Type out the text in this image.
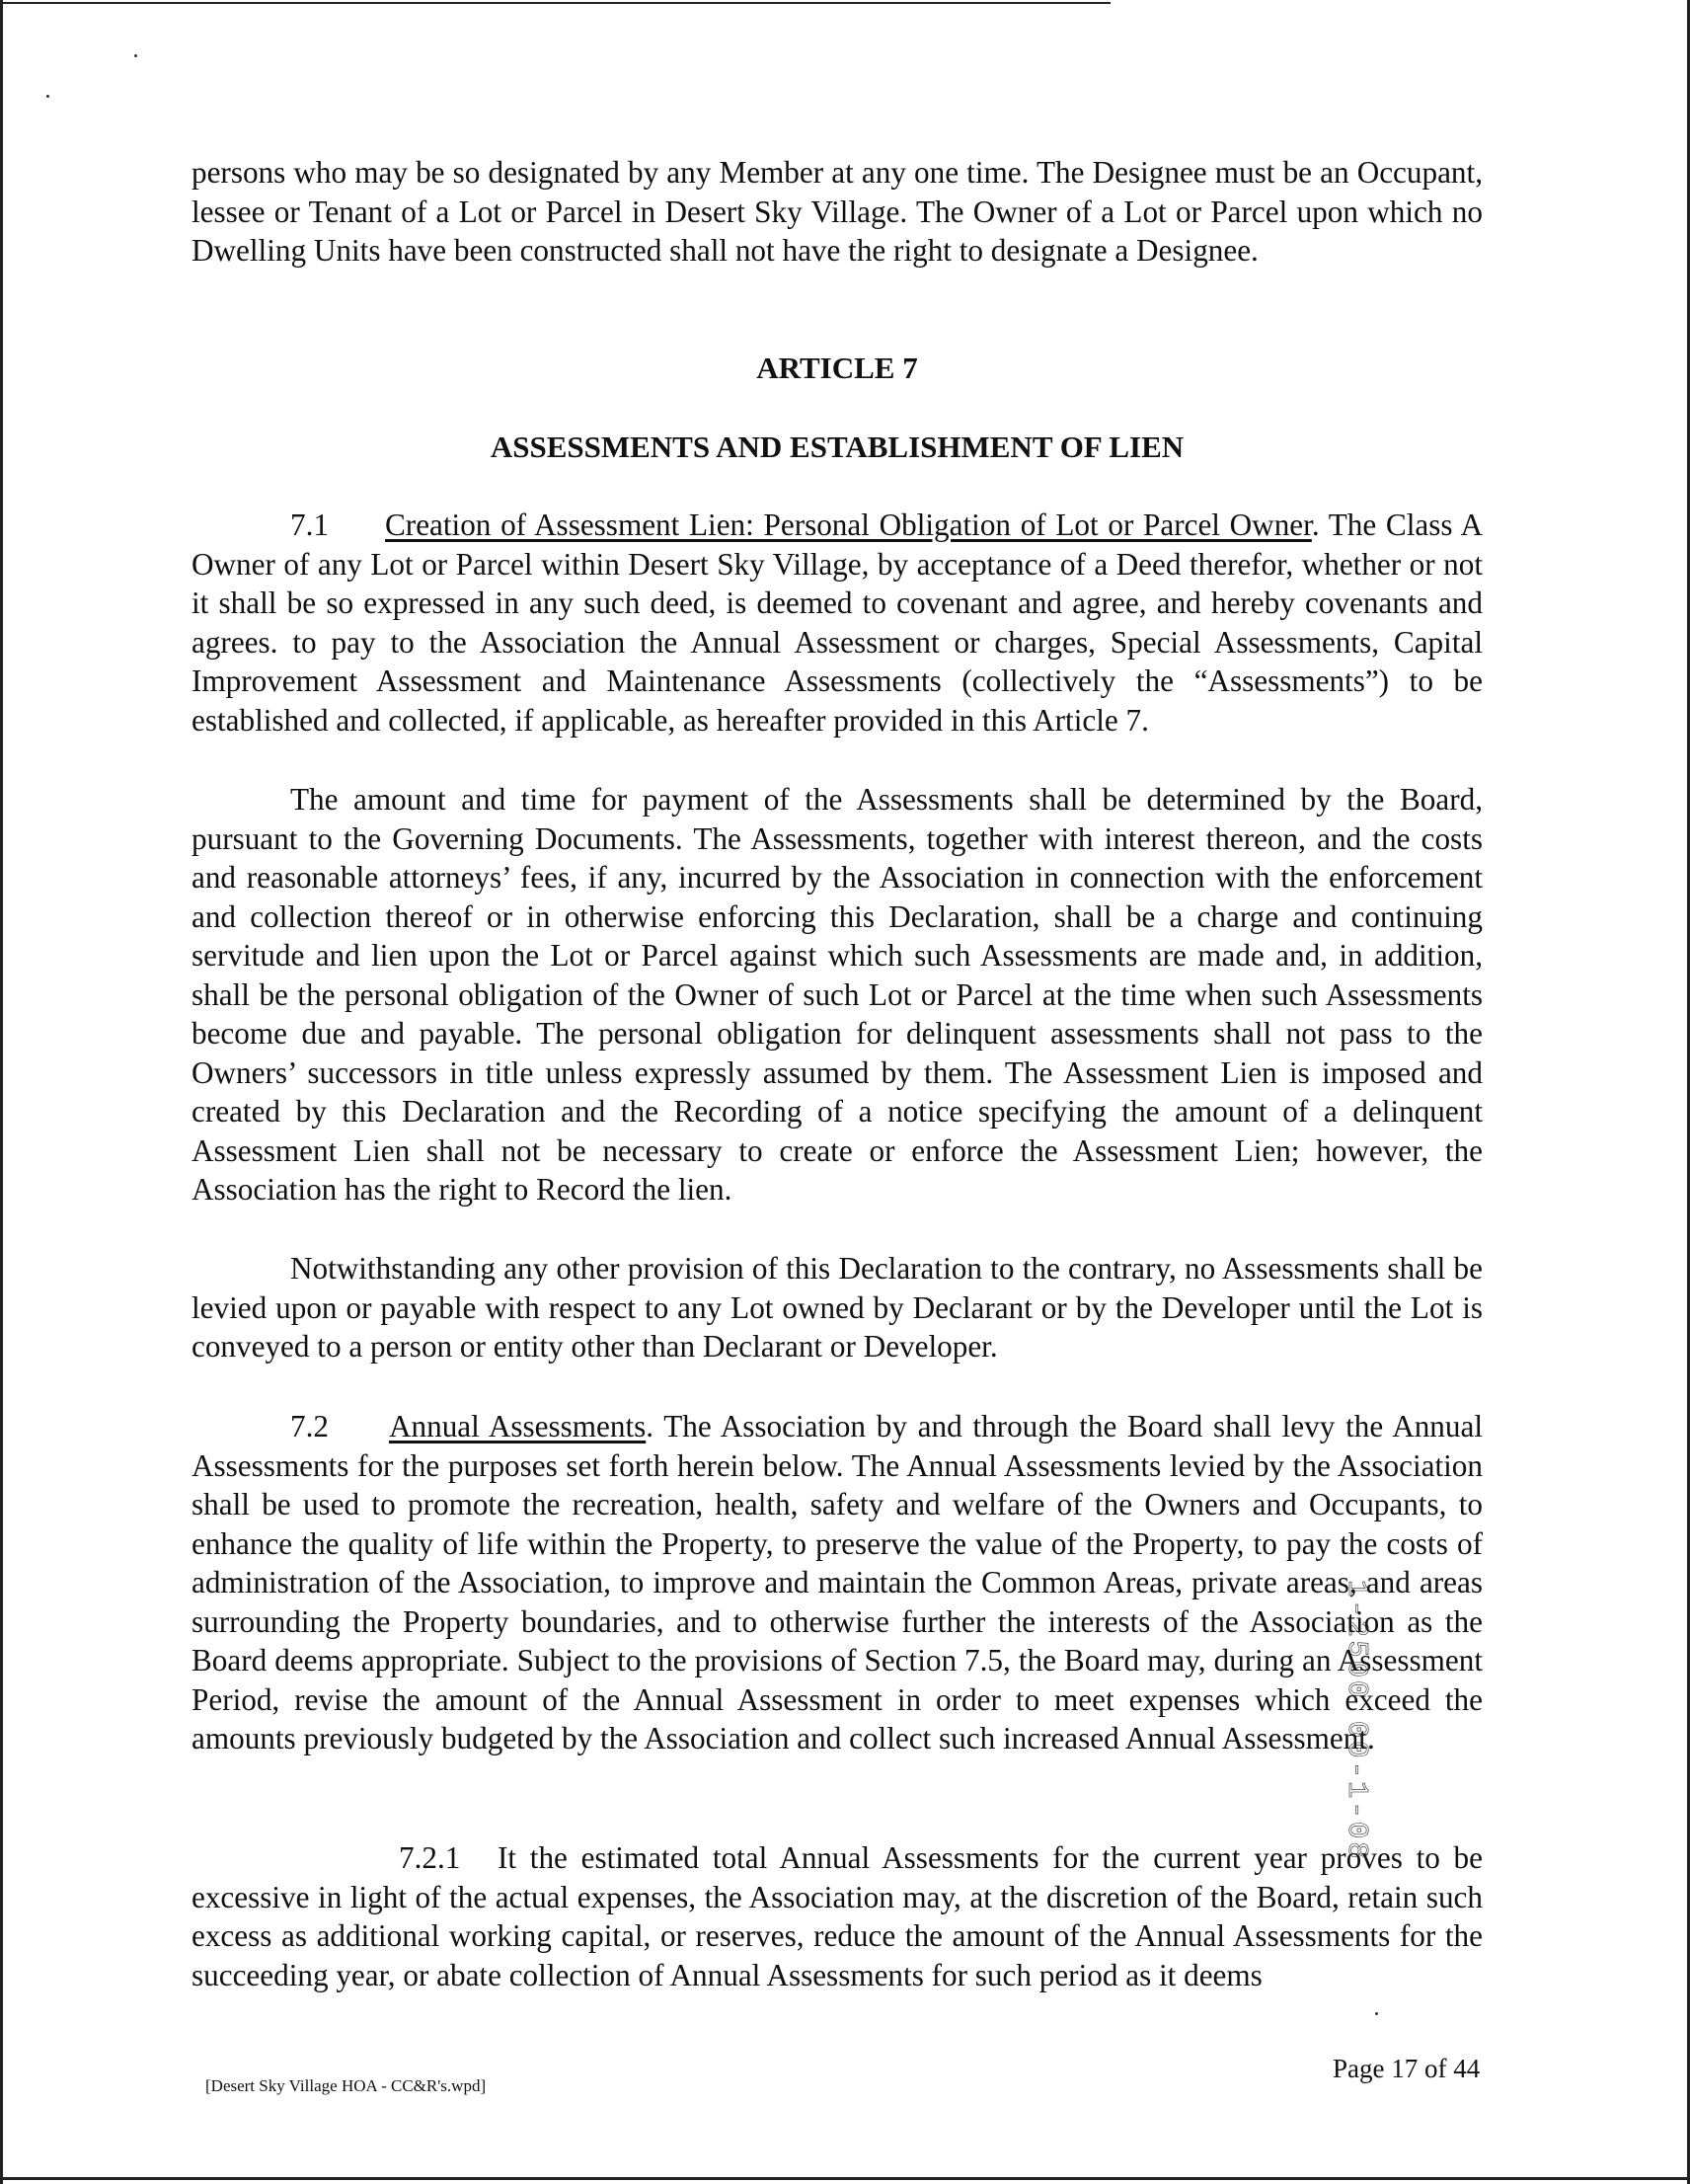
persons who may be so designated by any Member at any one time. The Designee must be an Occupant, lessee or Tenant of a Lot or Parcel in Desert Sky Village. The Owner of a Lot or Parcel upon which no Dwelling Units have been constructed shall not have the right to designate a Designee.

ARTICLE 7
ASSESSMENTS AND ESTABLISHMENT OF LIEN

7.1 Creation of Assessment Lien: Personal Obligation of Lot or Parcel Owner. The Class A Owner of any Lot or Parcel within Desert Sky Village, by acceptance of a Deed therefor, whether or not it shall be so expressed in any such deed, is deemed to covenant and agree, and hereby covenants and agrees. to pay to the Association the Annual Assessment or charges, Special Assessments, Capital Improvement Assessment and Maintenance Assessments (collectively the “Assessments”) to be established and collected, if applicable, as hereafter provided in this Article 7.

The amount and time for payment of the Assessments shall be determined by the Board, pursuant to the Governing Documents. The Assessments, together with interest thereon, and the costs and reasonable attorneys’ fees, if any, incurred by the Association in connection with the enforcement and collection thereof or in otherwise enforcing this Declaration, shall be a charge and continuing servitude and lien upon the Lot or Parcel against which such Assessments are made and, in addition, shall be the personal obligation of the Owner of such Lot or Parcel at the time when such Assessments become due and payable. The personal obligation for delinquent assessments shall not pass to the Owners’ successors in title unless expressly assumed by them. The Assessment Lien is imposed and created by this Declaration and the Recording of a notice specifying the amount of a delinquent Assessment Lien shall not be necessary to create or enforce the Assessment Lien; however, the Association has the right to Record the lien.

Notwithstanding any other provision of this Declaration to the contrary, no Assessments shall be levied upon or payable with respect to any Lot owned by Declarant or by the Developer until the Lot is conveyed to a person or entity other than Declarant or Developer.

7.2 Annual Assessments. The Association by and through the Board shall levy the Annual Assessments for the purposes set forth herein below. The Annual Assessments levied by the Association shall be used to promote the recreation, health, safety and welfare of the Owners and Occupants, to enhance the quality of life within the Property, to preserve the value of the Property, to pay the costs of administration of the Association, to improve and maintain the Common Areas, private areas, and areas surrounding the Property boundaries, and to otherwise further the interests of the Association as the Board deems appropriate. Subject to the provisions of Section 7.5, the Board may, during an Assessment Period, revise the amount of the Annual Assessment in order to meet expenses which exceed the amounts previously budgeted by the Association and collect such increased Annual Assessment.

7.2.1 It the estimated total Annual Assessments for the current year proves to be excessive in light of the actual expenses, the Association may, at the discretion of the Board, retain such excess as additional working capital, or reserves, reduce the amount of the Annual Assessments for the succeeding year, or abate collection of Annual Assessments for such period as it deems

[Desert Sky Village HOA - CC&R's.wpd]
Page 17 of 44
1-2500 00-1-08
